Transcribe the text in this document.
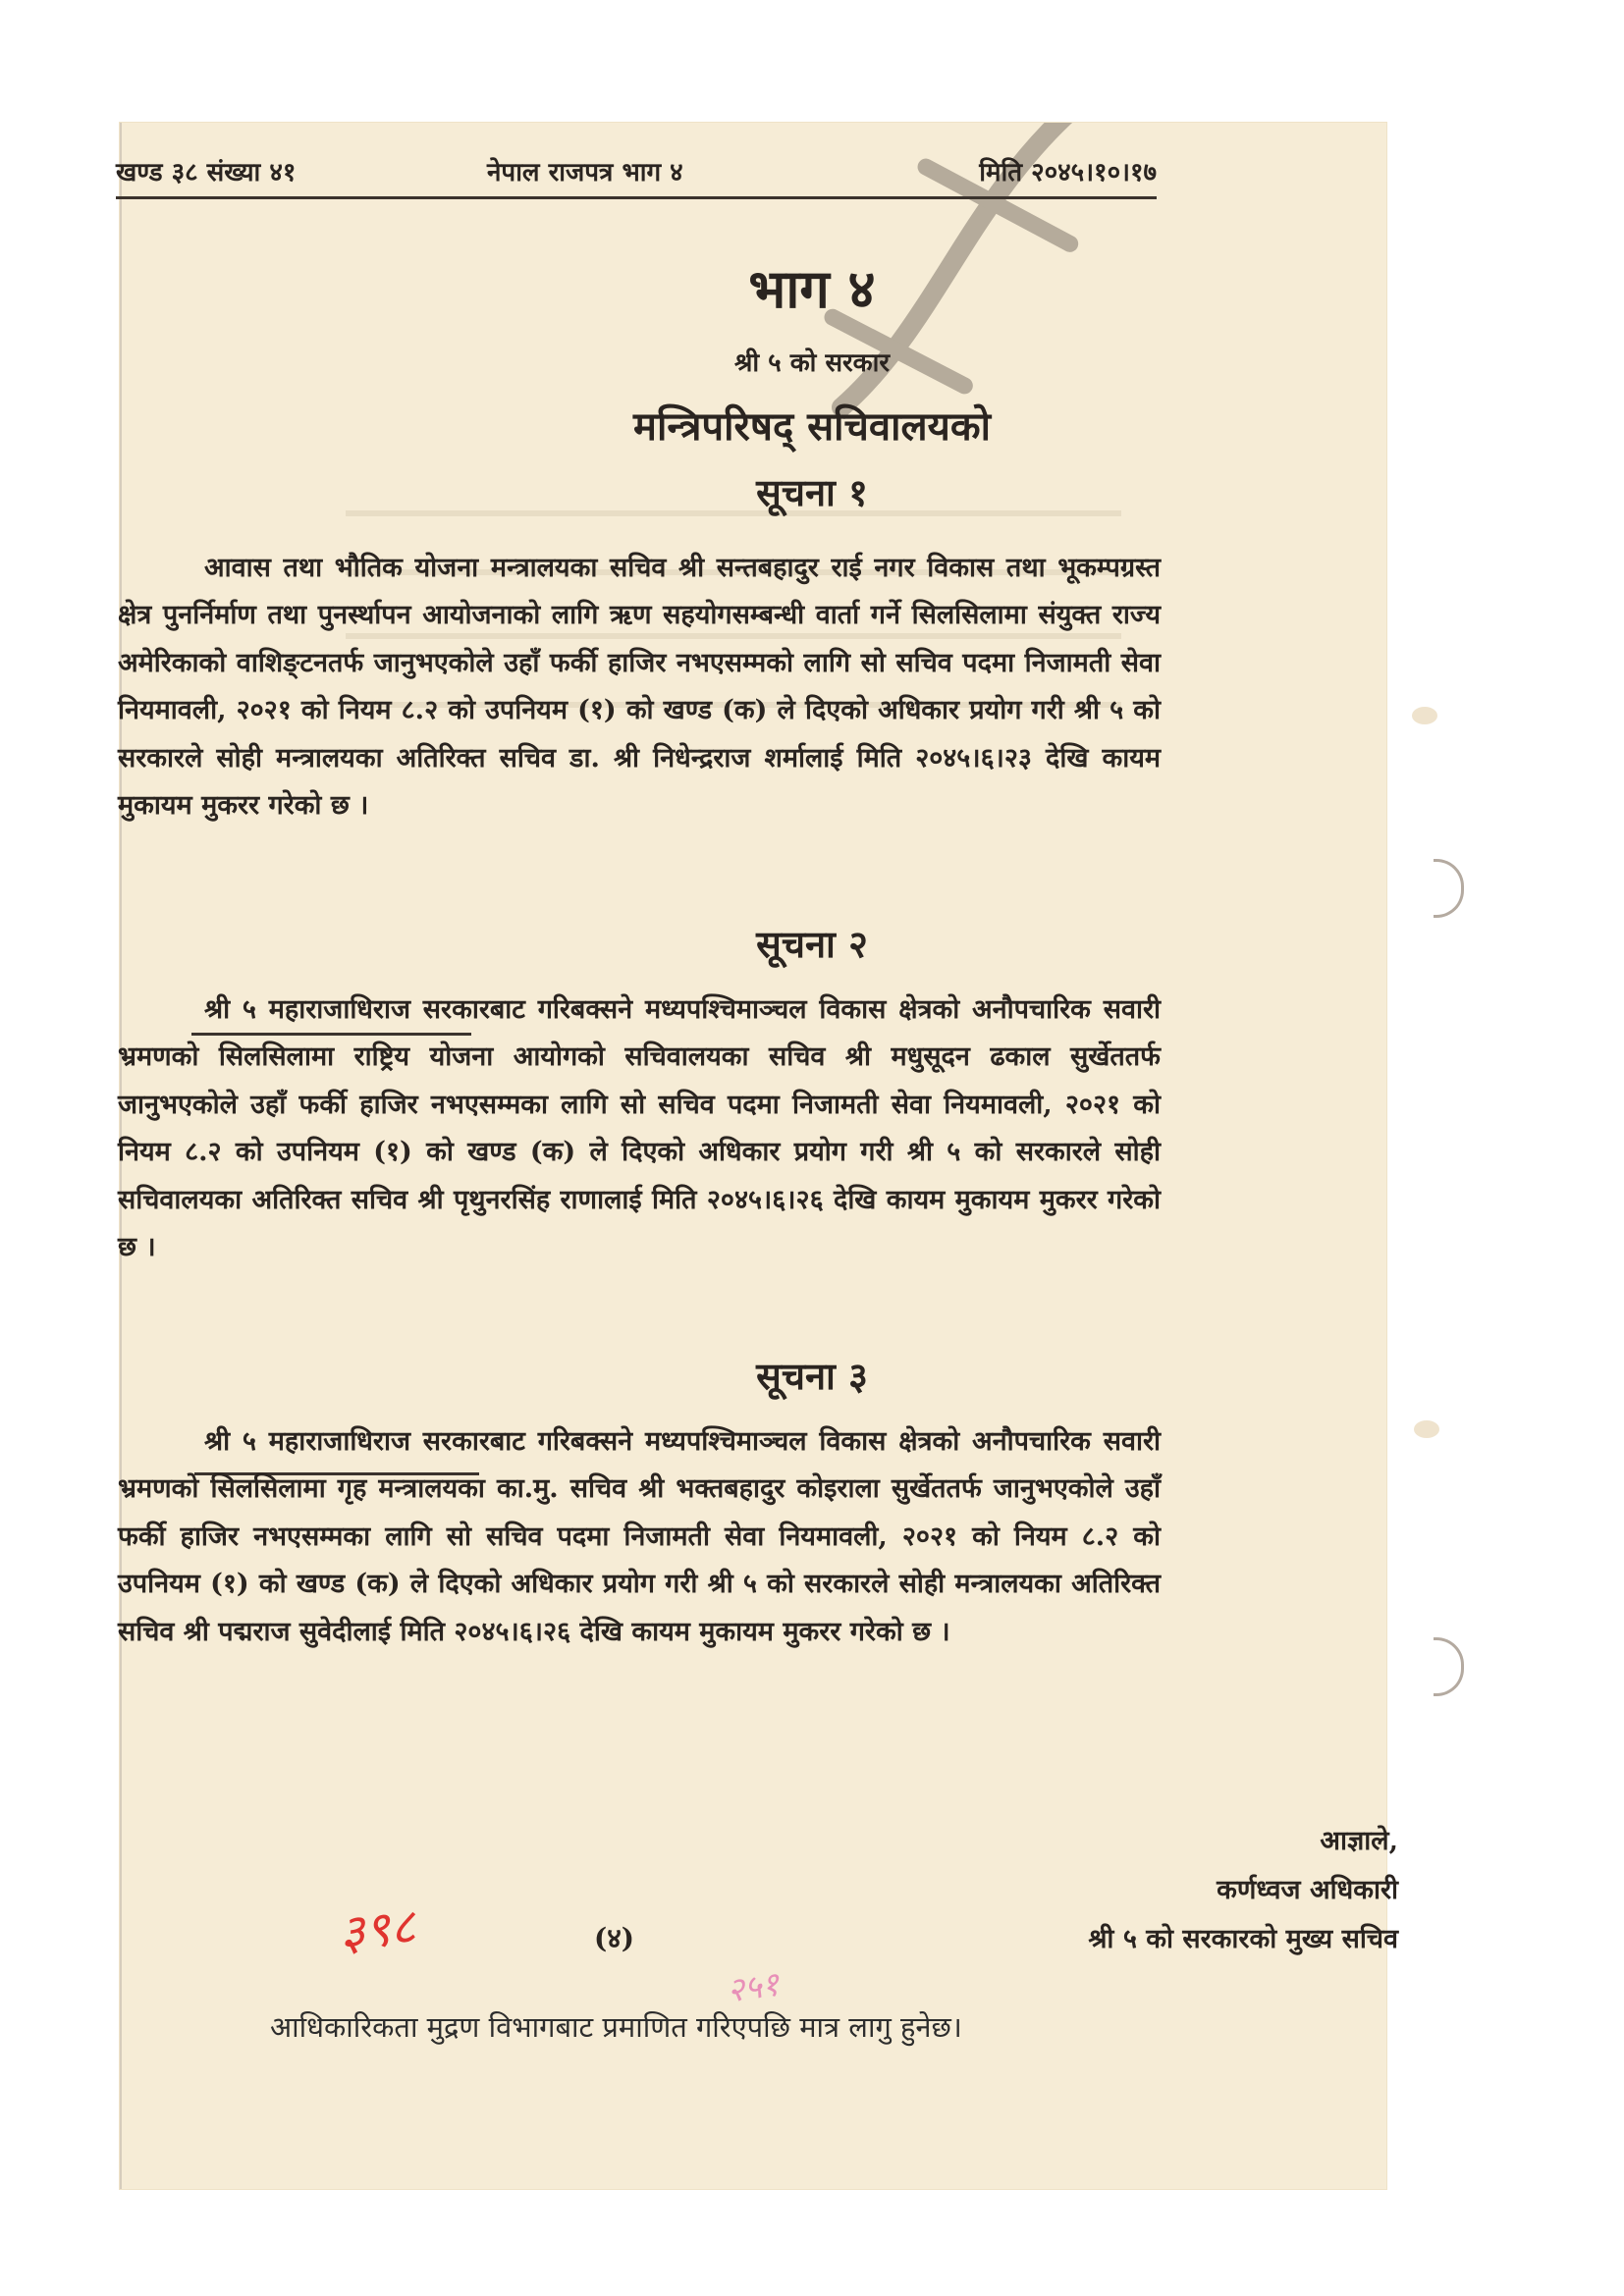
खण्ड ३८ संख्या ४१	नेपाल राजपत्र भाग ४	मिति २०४५।१०।१७
भाग ४
श्री ५ को सरकार
मन्त्रिपरिषद् सचिवालयको
सूचना १
आवास तथा भौतिक योजना मन्त्रालयका सचिव श्री सन्तबहादुर राई नगर विकास तथा भूकम्पग्रस्त क्षेत्र पुनर्निर्माण तथा पुनर्स्थापन आयोजनाको लागि ऋण सहयोगसम्बन्धी वार्ता गर्ने सिलसिलामा संयुक्त राज्य अमेरिकाको वाशिङ्टनतर्फ जानुभएकोले उहाँ फर्की हाजिर नभएसम्मको लागि सो सचिव पदमा निजामती सेवा नियमावली, २०२१ को नियम ८.२ को उपनियम (१) को खण्ड (क) ले दिएको अधिकार प्रयोग गरी श्री ५ को सरकारले सोही मन्त्रालयका अतिरिक्त सचिव डा. श्री निधेन्द्रराज शर्मालाई मिति २०४५।६।२३ देखि कायम मुकायम मुकरर गरेको छ ।
सूचना २
श्री ५ महाराजाधिराज सरकारबाट गरिबक्सने मध्यपश्चिमाञ्चल विकास क्षेत्रको अनौपचारिक सवारी भ्रमणको सिलसिलामा राष्ट्रिय योजना आयोगको सचिवालयका सचिव श्री मधुसूदन ढकाल सुर्खेततर्फ जानुभएकोले उहाँ फर्की हाजिर नभएसम्मका लागि सो सचिव पदमा निजामती सेवा नियमावली, २०२१ को नियम ८.२ को उपनियम (१) को खण्ड (क) ले दिएको अधिकार प्रयोग गरी श्री ५ को सरकारले सोही सचिवालयका अतिरिक्त सचिव श्री पृथुनरसिंह राणालाई मिति २०४५।६।२६ देखि कायम मुकायम मुकरर गरेको छ ।
सूचना ३
श्री ५ महाराजाधिराज सरकारबाट गरिबक्सने मध्यपश्चिमाञ्चल विकास क्षेत्रको अनौपचारिक सवारी भ्रमणको सिलसिलामा गृह मन्त्रालयका का.मु. सचिव श्री भक्तबहादुर कोइराला सुर्खेततर्फ जानुभएकोले उहाँ फर्की हाजिर नभएसम्मका लागि सो सचिव पदमा निजामती सेवा नियमावली, २०२१ को नियम ८.२ को उपनियम (१) को खण्ड (क) ले दिएको अधिकार प्रयोग गरी श्री ५ को सरकारले सोही मन्त्रालयका अतिरिक्त सचिव श्री पद्मराज सुवेदीलाई मिति २०४५।६।२६ देखि कायम मुकायम मुकरर गरेको छ ।
आज्ञाले,
कर्णध्वज अधिकारी
श्री ५ को सरकारको मुख्य सचिव
(४)
३९८
२५१
आधिकारिकता मुद्रण विभागबाट प्रमाणित गरिएपछि मात्र लागु हुनेछ।
